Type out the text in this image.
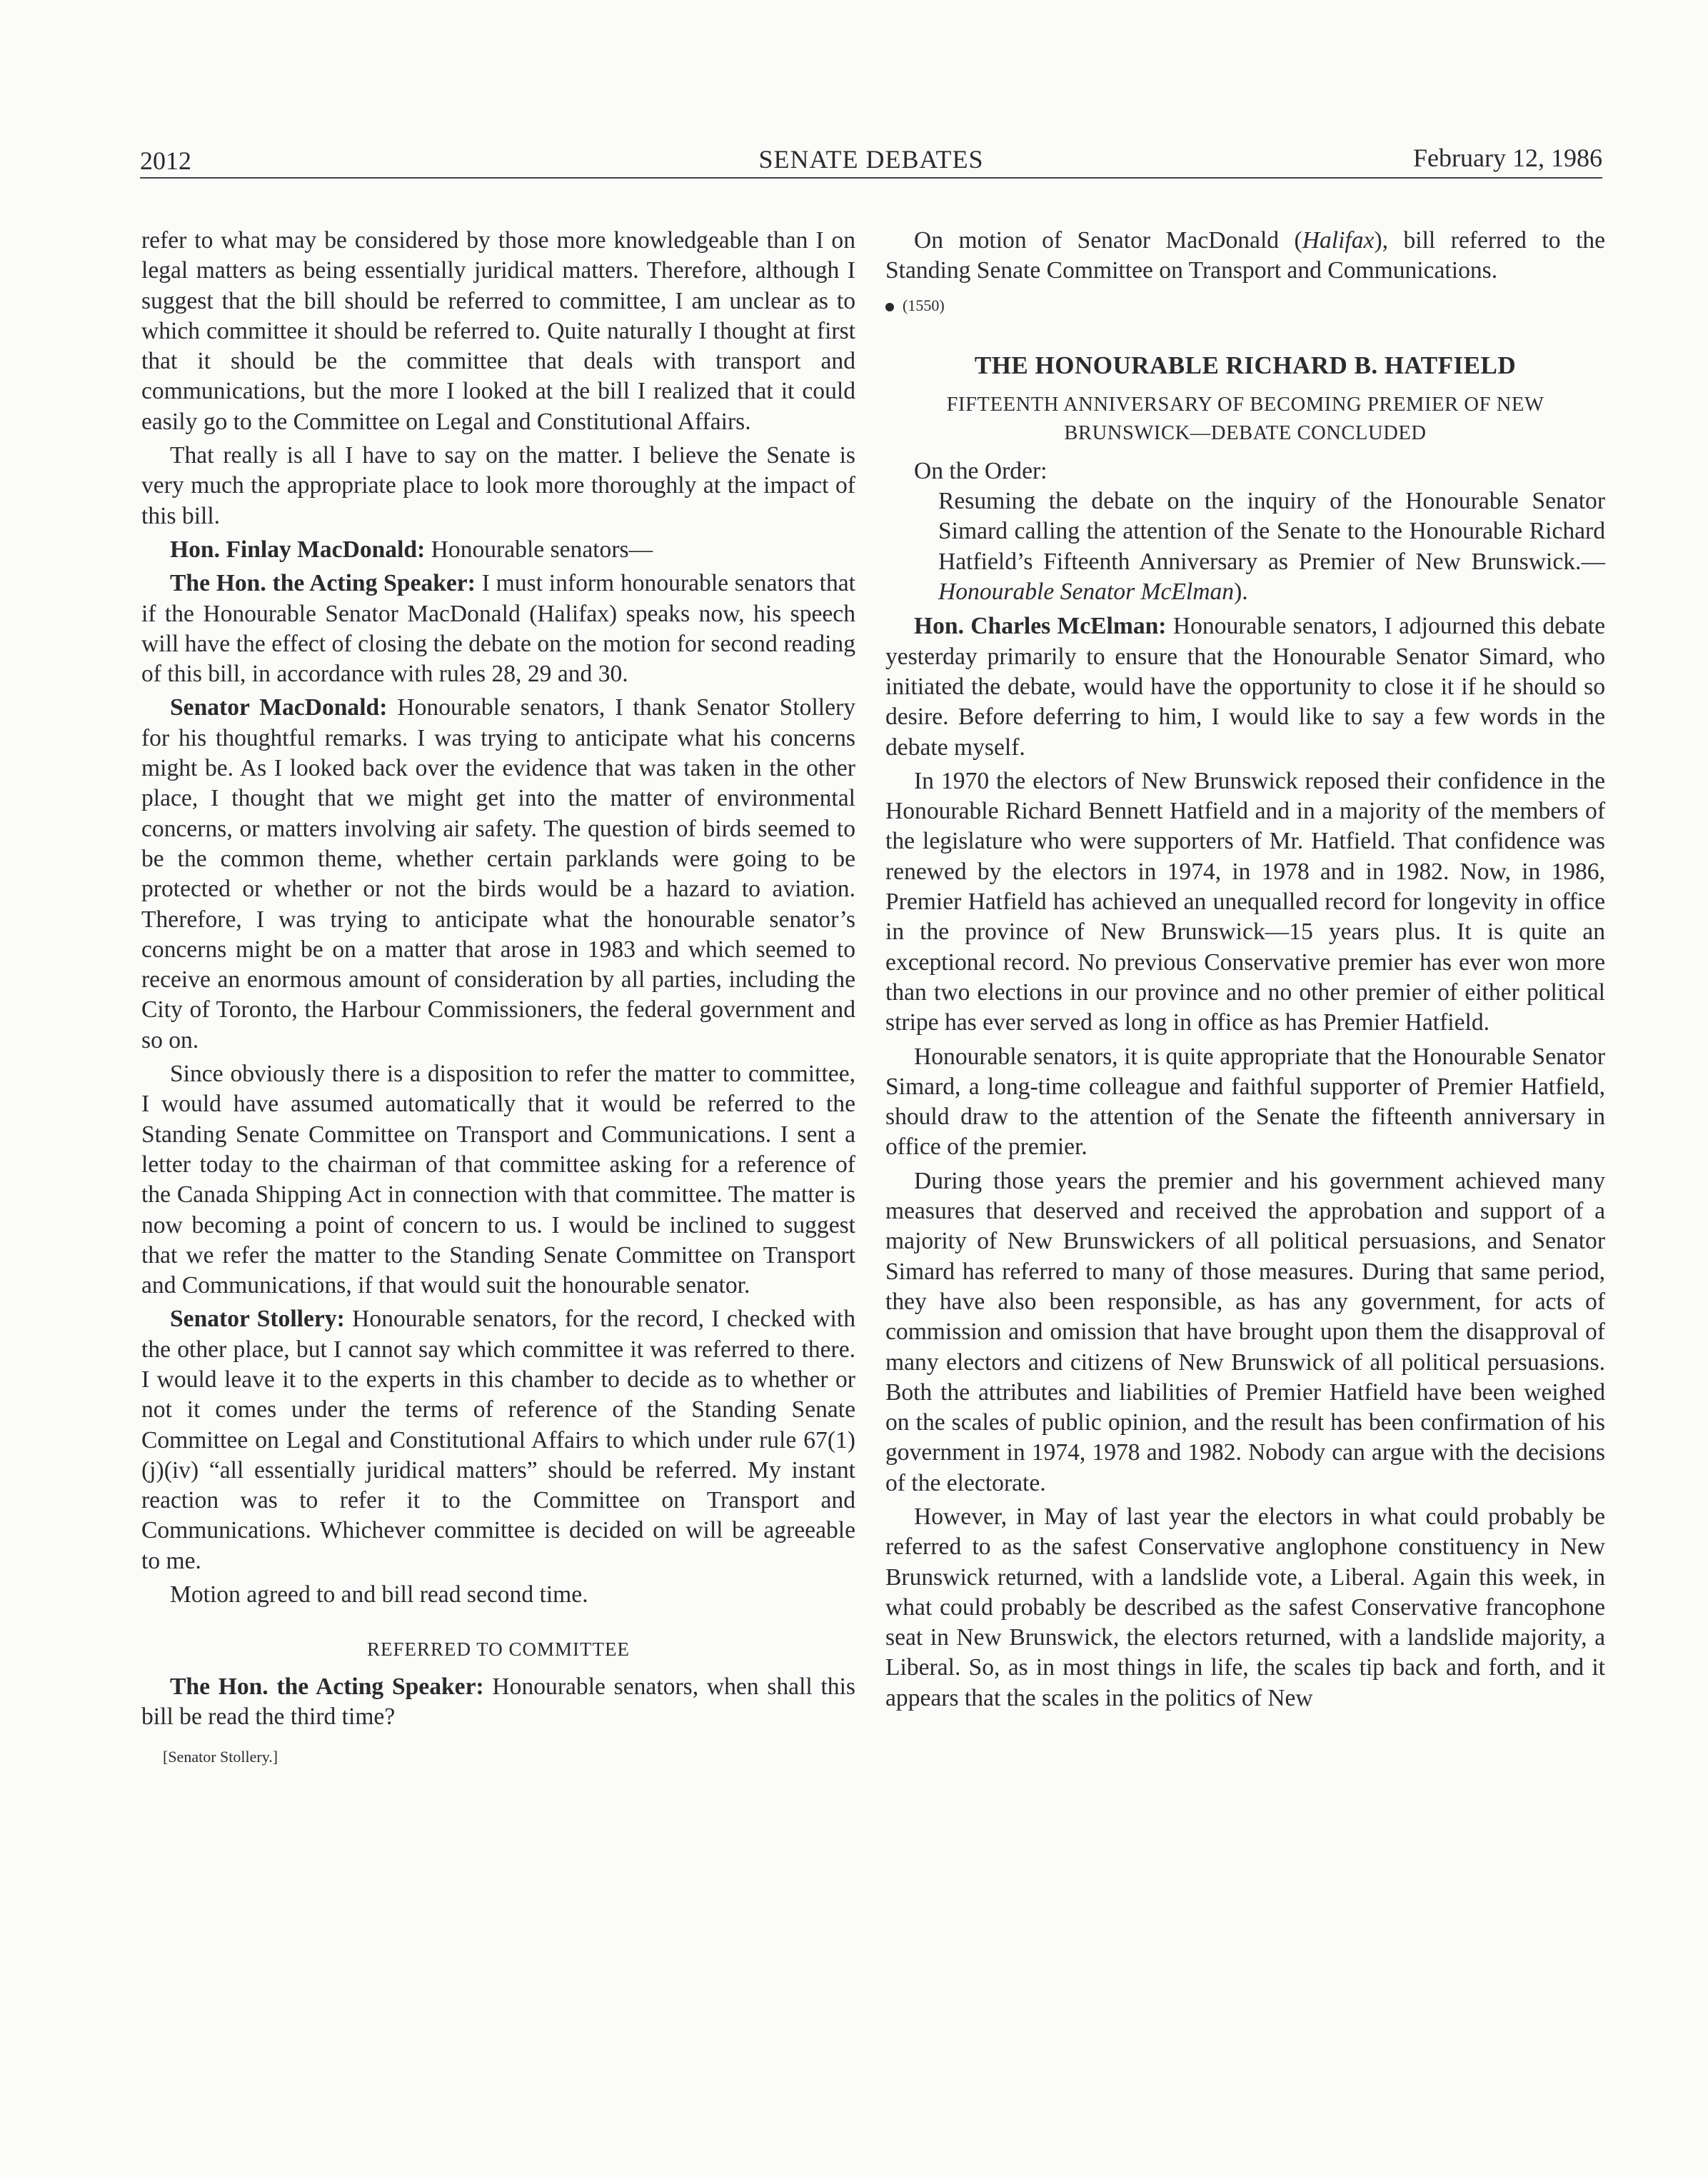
2012	SENATE DEBATES	February 12, 1986

refer to what may be considered by those more knowledgeable than I on legal matters as being essentially juridical matters. Therefore, although I suggest that the bill should be referred to committee, I am unclear as to which committee it should be referred to. Quite naturally I thought at first that it should be the committee that deals with transport and communications, but the more I looked at the bill I realized that it could easily go to the Committee on Legal and Constitutional Affairs.

That really is all I have to say on the matter. I believe the Senate is very much the appropriate place to look more thoroughly at the impact of this bill.

Hon. Finlay MacDonald: Honourable senators—

The Hon. the Acting Speaker: I must inform honourable senators that if the Honourable Senator MacDonald (Halifax) speaks now, his speech will have the effect of closing the debate on the motion for second reading of this bill, in accordance with rules 28, 29 and 30.

Senator MacDonald: Honourable senators, I thank Senator Stollery for his thoughtful remarks. I was trying to anticipate what his concerns might be. As I looked back over the evidence that was taken in the other place, I thought that we might get into the matter of environmental concerns, or matters involving air safety. The question of birds seemed to be the common theme, whether certain parklands were going to be protected or whether or not the birds would be a hazard to aviation. Therefore, I was trying to anticipate what the honourable senator’s concerns might be on a matter that arose in 1983 and which seemed to receive an enormous amount of consideration by all parties, including the City of Toronto, the Harbour Commissioners, the federal government and so on.

Since obviously there is a disposition to refer the matter to committee, I would have assumed automatically that it would be referred to the Standing Senate Committee on Transport and Communications. I sent a letter today to the chairman of that committee asking for a reference of the Canada Shipping Act in connection with that committee. The matter is now becoming a point of concern to us. I would be inclined to suggest that we refer the matter to the Standing Senate Committee on Transport and Communications, if that would suit the honourable senator.

Senator Stollery: Honourable senators, for the record, I checked with the other place, but I cannot say which committee it was referred to there. I would leave it to the experts in this chamber to decide as to whether or not it comes under the terms of reference of the Standing Senate Committee on Legal and Constitutional Affairs to which under rule 67(1)(j)(iv) “all essentially juridical matters” should be referred. My instant reaction was to refer it to the Committee on Transport and Communications. Whichever committee is decided on will be agreeable to me.

Motion agreed to and bill read second time.

REFERRED TO COMMITTEE

The Hon. the Acting Speaker: Honourable senators, when shall this bill be read the third time?

[Senator Stollery.]

On motion of Senator MacDonald (Halifax), bill referred to the Standing Senate Committee on Transport and Communications.

(1550)

THE HONOURABLE RICHARD B. HATFIELD

FIFTEENTH ANNIVERSARY OF BECOMING PREMIER OF NEW BRUNSWICK—DEBATE CONCLUDED

On the Order:

Resuming the debate on the inquiry of the Honourable Senator Simard calling the attention of the Senate to the Honourable Richard Hatfield’s Fifteenth Anniversary as Premier of New Brunswick.—Honourable Senator McElman).

Hon. Charles McElman: Honourable senators, I adjourned this debate yesterday primarily to ensure that the Honourable Senator Simard, who initiated the debate, would have the opportunity to close it if he should so desire. Before deferring to him, I would like to say a few words in the debate myself.

In 1970 the electors of New Brunswick reposed their confidence in the Honourable Richard Bennett Hatfield and in a majority of the members of the legislature who were supporters of Mr. Hatfield. That confidence was renewed by the electors in 1974, in 1978 and in 1982. Now, in 1986, Premier Hatfield has achieved an unequalled record for longevity in office in the province of New Brunswick—15 years plus. It is quite an exceptional record. No previous Conservative premier has ever won more than two elections in our province and no other premier of either political stripe has ever served as long in office as has Premier Hatfield.

Honourable senators, it is quite appropriate that the Honourable Senator Simard, a long-time colleague and faithful supporter of Premier Hatfield, should draw to the attention of the Senate the fifteenth anniversary in office of the premier.

During those years the premier and his government achieved many measures that deserved and received the approbation and support of a majority of New Brunswickers of all political persuasions, and Senator Simard has referred to many of those measures. During that same period, they have also been responsible, as has any government, for acts of commission and omission that have brought upon them the disapproval of many electors and citizens of New Brunswick of all political persuasions. Both the attributes and liabilities of Premier Hatfield have been weighed on the scales of public opinion, and the result has been confirmation of his government in 1974, 1978 and 1982. Nobody can argue with the decisions of the electorate.

However, in May of last year the electors in what could probably be referred to as the safest Conservative anglophone constituency in New Brunswick returned, with a landslide vote, a Liberal. Again this week, in what could probably be described as the safest Conservative francophone seat in New Brunswick, the electors returned, with a landslide majority, a Liberal. So, as in most things in life, the scales tip back and forth, and it appears that the scales in the politics of New
